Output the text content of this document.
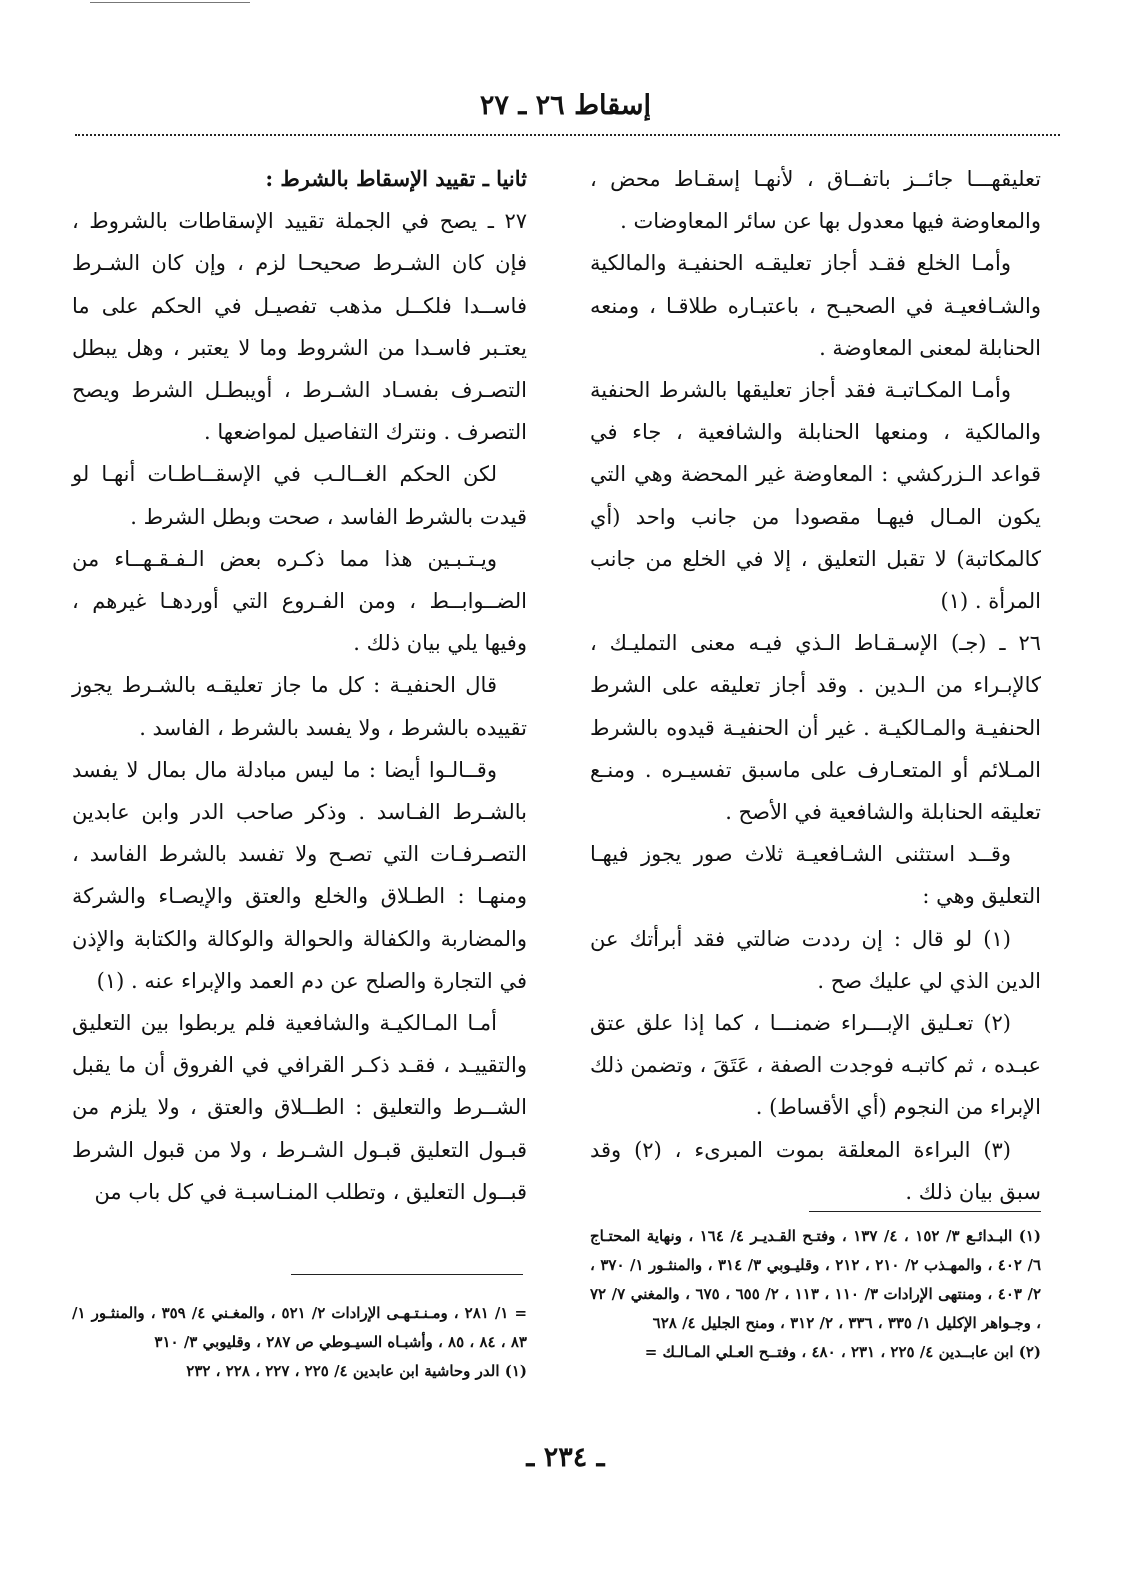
إسقاط ٢٦ ـ ٢٧

تعليقهـــا جائــز باتفــاق ، لأنهـا إسقـاط محض ، والمعاوضة فيها معدول بها عن سائر المعاوضات .

وأمـا الخلع فقـد أجاز تعليقـه الحنفيـة والمالكية والشـافعيـة في الصحيـح ، باعتبـاره طلاقـا ، ومنعه الحنابلة لمعنى المعاوضة .

وأمـا المكـاتبـة فقد أجاز تعليقها بالشرط الحنفية والمالكية ، ومنعها الحنابلة والشافعية ، جاء في قواعد الـزركشي : المعاوضة غير المحضة وهي التي يكون المـال فيهـا مقصودا من جانب واحد (أي كالمكاتبة) لا تقبل التعليق ، إلا في الخلع من جانب المرأة . (١)

٢٦ ـ (جـ) الإسـقـاط الـذي فيـه معنى التمليـك ، كالإبـراء من الـدين . وقد أجاز تعليقه على الشرط الحنفيـة والمـالكيـة . غير أن الحنفيـة قيدوه بالشرط المـلائم أو المتعـارف على ماسبق تفسيـره . ومنـع تعليقه الحنابلة والشافعية في الأصح .

وقــد استثنى الشـافعيـة ثلاث صور يجوز فيهـا التعليق وهي :

(١) لو قال : إن رددت ضالتي فقد أبرأتك عن الدين الذي لي عليك صح .

(٢) تعـليق الإبـــراء ضمنـــا ، كما إذا علق عتق عبـده ، ثم كاتبـه فوجدت الصفة ، عَتَقَ ، وتضمن ذلك الإبراء من النجوم (أي الأقساط) .

(٣) البراءة المعلقة بموت المبرىء ، (٢) وقد سبق بيان ذلك .

ثانيا ـ تقييد الإسقاط بالشرط :

٢٧ ـ يصح في الجملة تقييد الإسقاطات بالشروط ، فإن كان الشـرط صحيحـا لزم ، وإن كان الشـرط فاســدا فلكــل مذهب تفصيـل في الحكم على ما يعتـبر فاسـدا من الشروط وما لا يعتبر ، وهل يبطل التصـرف بفسـاد الشـرط ، أويبطـل الشرط ويصح التصرف . ونترك التفاصيل لمواضعها .

لكن الحكم الغــالـب في الإسقــاطـات أنهـا لو قيدت بالشرط الفاسد ، صحت وبطل الشرط .

ويـتـبـين هذا مما ذكـره بعض الـفـقـهــاء من الضــوابــط ، ومن الفـروع التي أوردهـا غيرهم ، وفيها يلي بيان ذلك .

قال الحنفيـة : كل ما جاز تعليقـه بالشـرط يجوز تقييده بالشرط ، ولا يفسد بالشرط ، الفاسد .

وقــالـوا أيضا : ما ليس مبادلة مال بمال لا يفسد بالشـرط الفـاسد . وذكر صاحب الدر وابن عابدين التصـرفـات التي تصـح ولا تفسد بالشرط الفاسد ، ومنهـا : الطـلاق والخلع والعتق والإيصـاء والشركة والمضاربة والكفالة والحوالة والوكالة والكتابة والإذن في التجارة والصلح عن دم العمد والإبراء عنه . (١)

أمـا المـالكيـة والشافعية فلم يربطوا بين التعليق والتقييـد ، فقـد ذكـر القرافي في الفروق أن ما يقبل الشــرط والتعليق : الطــلاق والعتق ، ولا يلزم من قبـول التعليق قبـول الشـرط ، ولا من قبول الشرط قبــول التعليق ، وتطلب المنـاسبـة في كل باب من

(١) البـدائـع ٣/ ١٥٢ ، ٤/ ١٣٧ ، وفتـح القـديـر ٤/ ١٦٤ ، ونهاية المحتـاج ٦/ ٤٠٢ ، والمهـذب ٢/ ٢١٠ ، ٢١٢ ، وقليـوبي ٣/ ٣١٤ ، والمنثـور ١/ ٣٧٠ ، ٢/ ٤٠٣ ، ومنتهى الإرادات ٣/ ١١٠ ، ١١٣ ، ٢/ ٦٥٥ ، ٦٧٥ ، والمغني ٧/ ٧٢ ، وجـواهر الإكليل ١/ ٣٣٥ ، ٣٣٦ ، ٢/ ٣١٢ ، ومنح الجليل ٤/ ٦٢٨

(٢) ابن عابــدين ٤/ ٢٢٥ ، ٢٣١ ، ٤٨٠ ، وفتــح العـلي المـالـك =

= ١/ ٢٨١ ، ومـنـتـهـى الإرادات ٢/ ٥٢١ ، والمغـني ٤/ ٣٥٩ ، والمنثـور ١/ ٨٣ ، ٨٤ ، ٨٥ ، وأشبـاه السيـوطي ص ٢٨٧ ، وقليوبي ٣/ ٣١٠

(١) الدر وحاشية ابن عابدين ٤/ ٢٢٥ ، ٢٢٧ ، ٢٢٨ ، ٢٣٢

ـ ٢٣٤ ـ
